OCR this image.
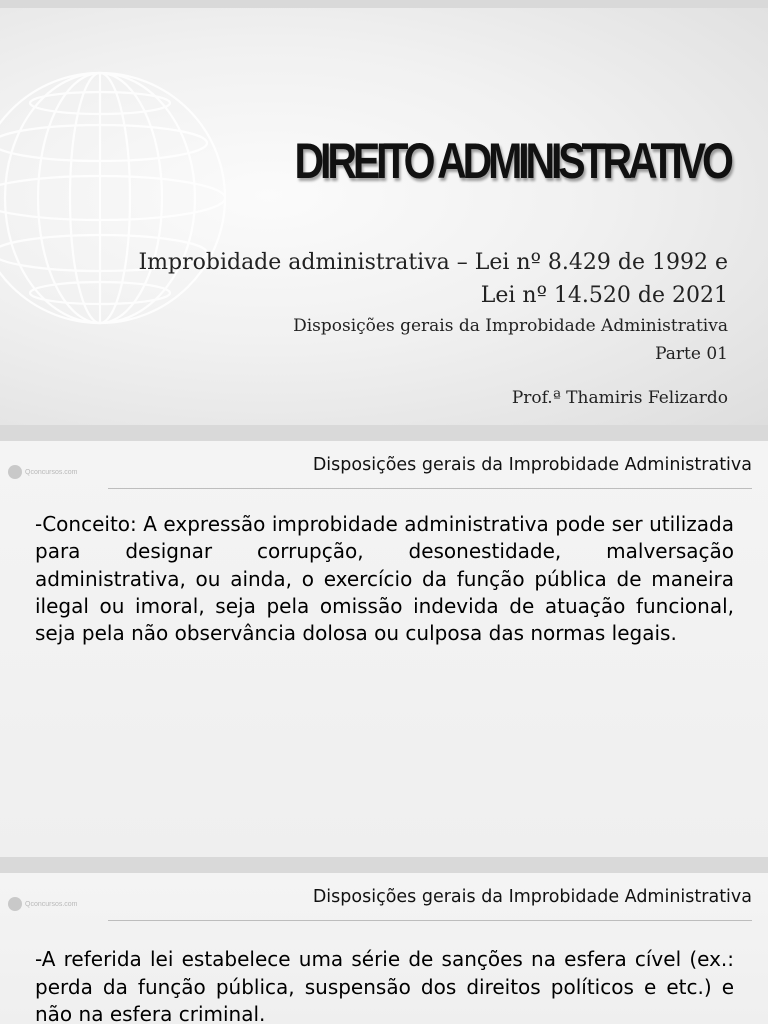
DIREITO ADMINISTRATIVO
Improbidade administrativa – Lei nº 8.429 de 1992 e
Lei nº 14.520 de 2021
Disposições gerais da Improbidade Administrativa
Parte 01
Prof.ª Thamiris Felizardo
Qconcursos.com	Disposições gerais da Improbidade Administrativa

-Conceito: A expressão improbidade administrativa pode ser utilizada para designar corrupção, desonestidade, malversação administrativa, ou ainda, o exercício da função pública de maneira ilegal ou imoral, seja pela omissão indevida de atuação funcional, seja pela não observância dolosa ou culposa das normas legais.

Qconcursos.com	Disposições gerais da Improbidade Administrativa

-A referida lei estabelece uma série de sanções na esfera cível (ex.: perda da função pública, suspensão dos direitos políticos e etc.) e não na esfera criminal.
